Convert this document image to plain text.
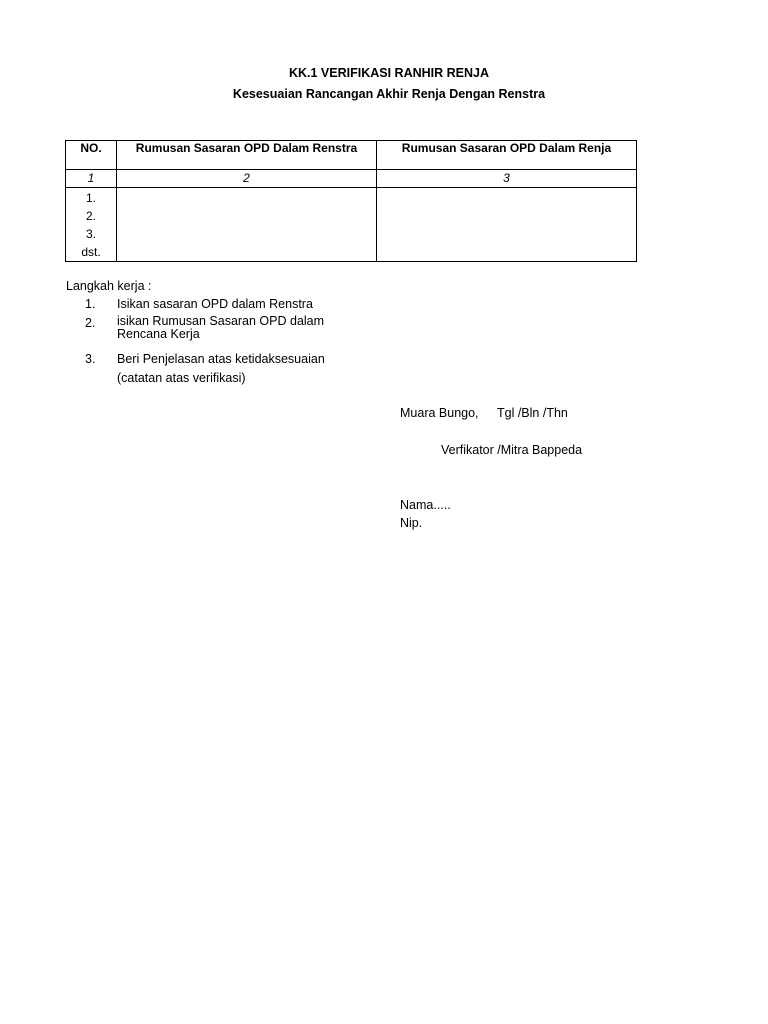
KK.1 VERIFIKASI RANHIR RENJA
Kesesuaian Rancangan Akhir Renja Dengan Renstra
NO.	Rumusan Sasaran OPD Dalam Renstra	Rumusan Sasaran OPD Dalam Renja
1	2	3

1.
2.
3.
dst.		

Langkah kerja :
1. Isikan sasaran OPD dalam Renstra
2. isikan Rumusan Sasaran OPD dalam
Rencana Kerja
3. Beri Penjelasan atas ketidaksesuaian
(catatan atas verifikasi)
Muara Bungo, Tgl /Bln /Thn
Verfikator /Mitra Bappeda
Nama.....
Nip.
